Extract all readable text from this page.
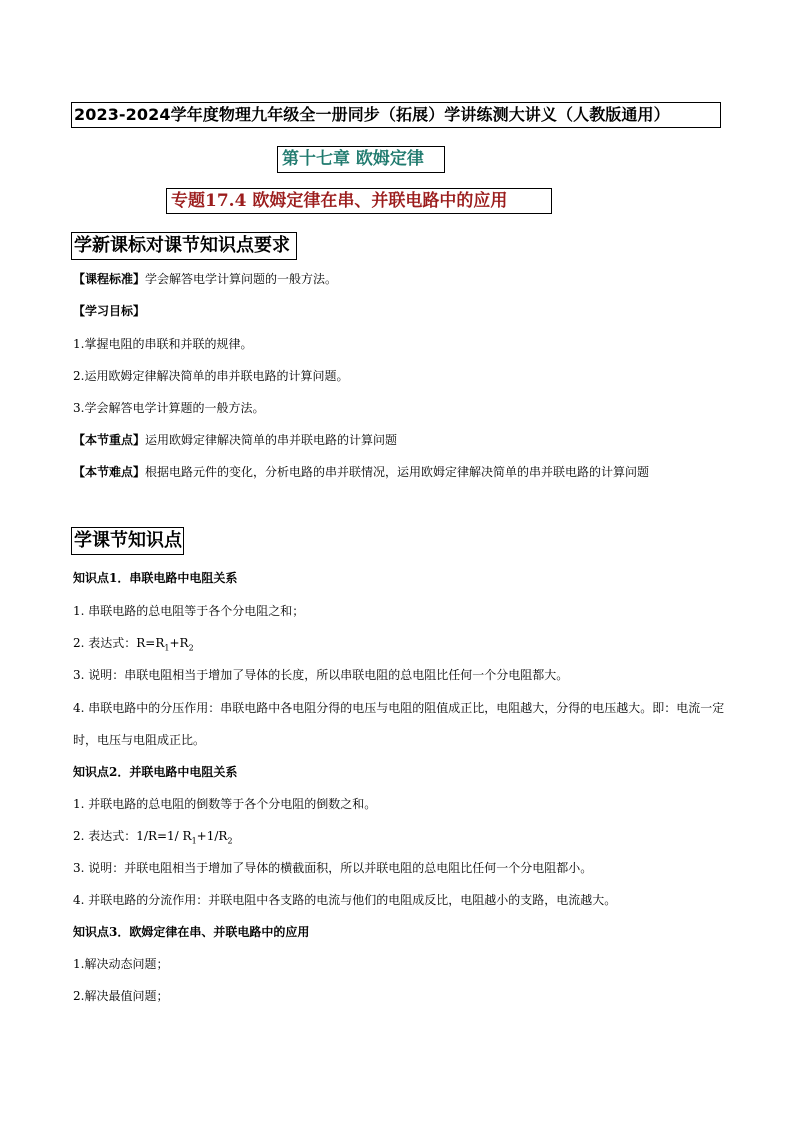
2023-2024学年度物理九年级全一册同步（拓展）学讲练测大讲义（人教版通用）
第十七章 欧姆定律
专题17.4 欧姆定律在串、并联电路中的应用
学新课标对课节知识点要求
【课程标准】学会解答电学计算问题的一般方法。
【学习目标】
1.掌握电阻的串联和并联的规律。
2.运用欧姆定律解决简单的串并联电路的计算问题。
3.学会解答电学计算题的一般方法。
【本节重点】运用欧姆定律解决简单的串并联电路的计算问题
【本节难点】根据电路元件的变化，分析电路的串并联情况，运用欧姆定律解决简单的串并联电路的计算问题
学课节知识点
知识点1．串联电路中电阻关系
1. 串联电路的总电阻等于各个分电阻之和；
2. 表达式：$R=R_1+R_2$
3. 说明：串联电阻相当于增加了导体的长度，所以串联电阻的总电阻比任何一个分电阻都大。
4. 串联电路中的分压作用：串联电路中各电阻分得的电压与电阻的阻值成正比，电阻越大，分得的电压越大。即：电流一定时，电压与电阻成正比。
知识点2．并联电路中电阻关系
1. 并联电路的总电阻的倒数等于各个分电阻的倒数之和。
2. 表达式：1/R=1/ $R_1+1/R_2$
3. 说明：并联电阻相当于增加了导体的横截面积，所以并联电阻的总电阻比任何一个分电阻都小。
4. 并联电路的分流作用：并联电阻中各支路的电流与他们的电阻成反比，电阻越小的支路，电流越大。
知识点3．欧姆定律在串、并联电路中的应用
1.解决动态问题；
2.解决最值问题；
